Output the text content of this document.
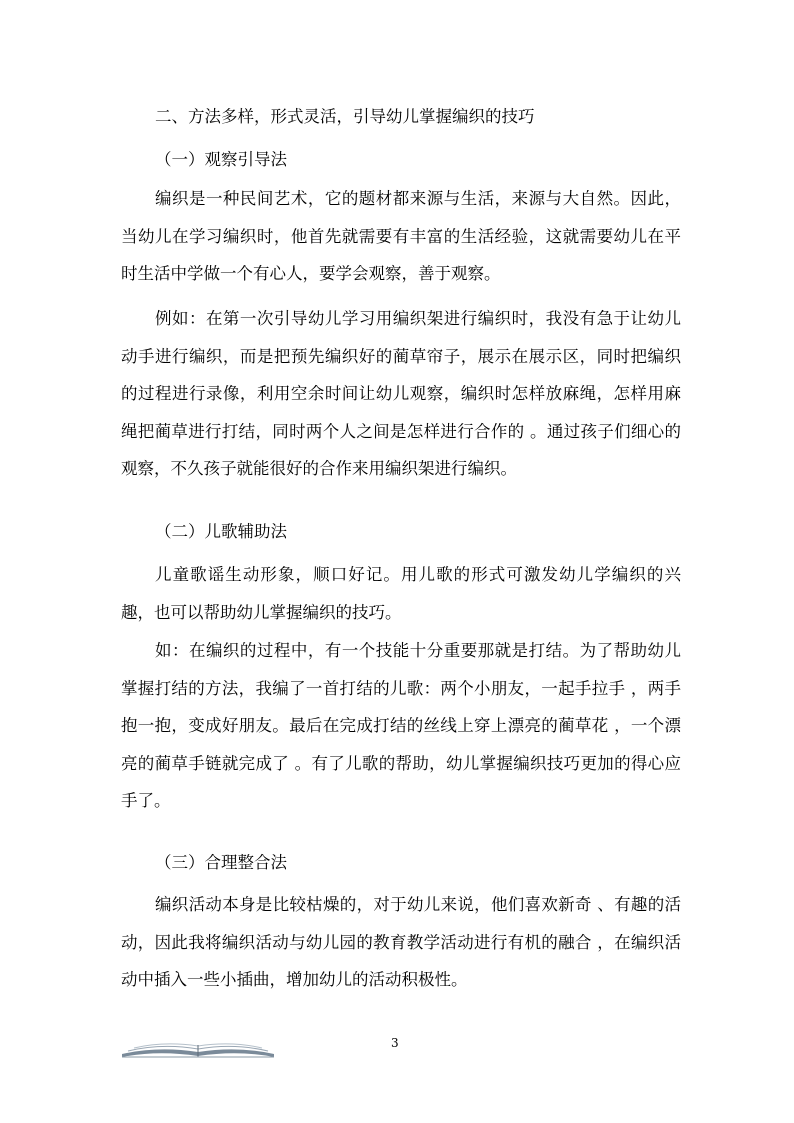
二、方法多样，形式灵活，引导幼儿掌握编织的技巧

（一）观察引导法

编织是一种民间艺术，它的题材都来源与生活，来源与大自然。因此，当幼儿在学习编织时，他首先就需要有丰富的生活经验，这就需要幼儿在平时生活中学做一个有心人，要学会观察，善于观察。

例如：在第一次引导幼儿学习用编织架进行编织时，我没有急于让幼儿动手进行编织，而是把预先编织好的蔺草帘子，展示在展示区，同时把编织的过程进行录像，利用空余时间让幼儿观察，编织时怎样放麻绳，怎样用麻绳把蔺草进行打结，同时两个人之间是怎样进行合作的 。通过孩子们细心的观察，不久孩子就能很好的合作来用编织架进行编织。

（二）儿歌辅助法

儿童歌谣生动形象，顺口好记。用儿歌的形式可激发幼儿学编织的兴趣，也可以帮助幼儿掌握编织的技巧。

如：在编织的过程中，有一个技能十分重要那就是打结。为了帮助幼儿掌握打结的方法，我编了一首打结的儿歌：两个小朋友，一起手拉手 ，两手抱一抱，变成好朋友。最后在完成打结的丝线上穿上漂亮的蔺草花 ，一个漂亮的蔺草手链就完成了 。有了儿歌的帮助，幼儿掌握编织技巧更加的得心应手了。

（三）合理整合法

编织活动本身是比较枯燥的，对于幼儿来说，他们喜欢新奇 、有趣的活动，因此我将编织活动与幼儿园的教育教学活动进行有机的融合 ，在编织活动中插入一些小插曲，增加幼儿的活动积极性。

3
